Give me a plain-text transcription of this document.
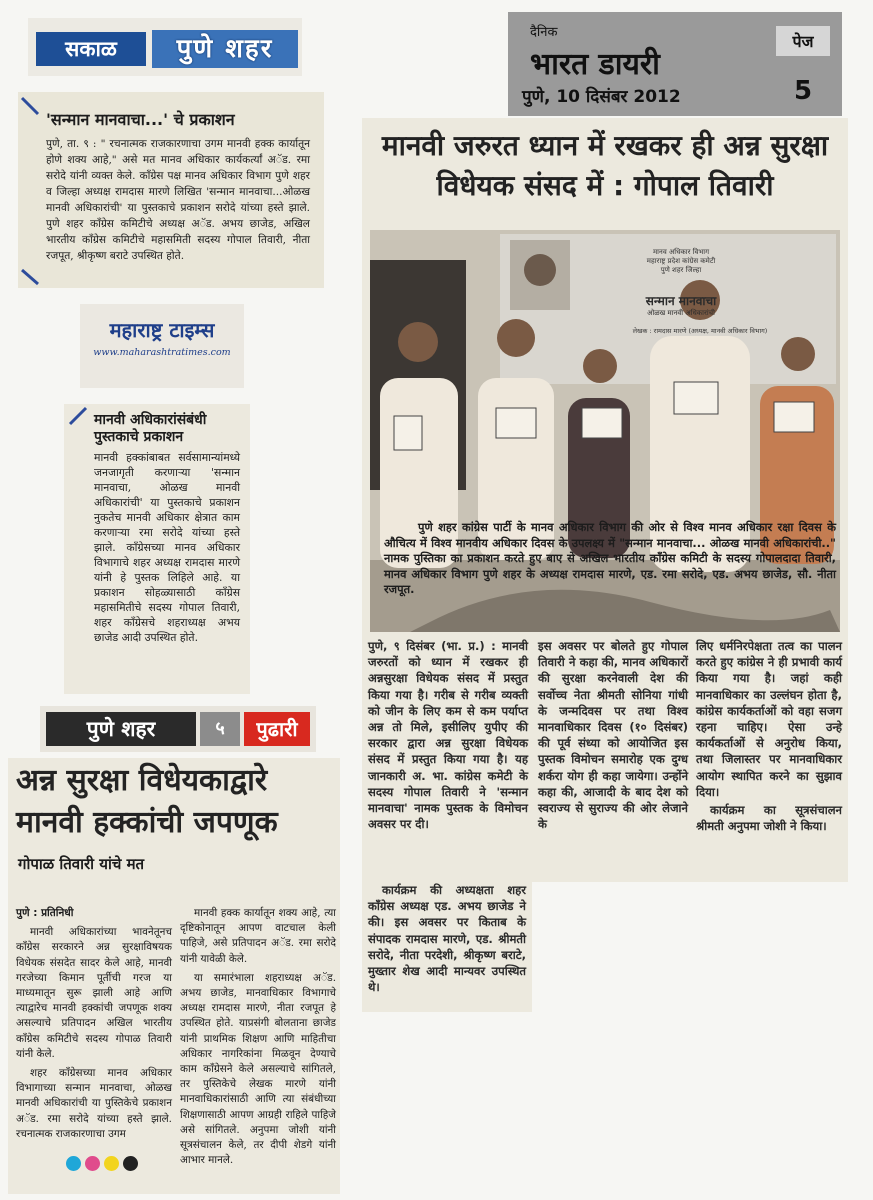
सकाळ	पुणे शहर
'सन्मान मानवाचा...' चे प्रकाशन

पुणे, ता. ९ : " रचनात्मक राजकारणाचा उगम मानवी हक्क कार्यातून होणे शक्य आहे," असे मत मानव अधिकार कार्यकर्त्यां अॅड. रमा सरोदे यांनी व्यक्त केले. कॉंग्रेस पक्ष मानव अधिकार विभाग पुणे शहर व जिल्हा अध्यक्ष रामदास मारणे लिखित 'सन्मान मानवाचा...ओळख मानवी अधिकारांची' या पुस्तकाचे प्रकाशन सरोदे यांच्या हस्ते झाले. पुणे शहर कॉंग्रेस कमिटीचे अध्यक्ष अॅड. अभय छाजेड, अखिल भारतीय कॉंग्रेस कमिटीचे महासमिती सदस्य गोपाल तिवारी, नीता रजपूत, श्रीकृष्ण बराटे उपस्थित होते.

महाराष्ट्र टाइम्स
www.maharashtratimes.com
मानवी अधिकारांसंबंधी पुस्तकाचे प्रकाशन

मानवी हक्कांबाबत सर्वसामान्यांमध्ये जनजागृती करणाऱ्या 'सन्मान मानवाचा, ओळख मानवी अधिकारांची' या पुस्तकाचे प्रकाशन नुकतेच मानवी अधिकार क्षेत्रात काम करणाऱ्या रमा सरोदे यांच्या हस्ते झाले. कॉंग्रेसच्या मानव अधिकार विभागाचे शहर अध्यक्ष रामदास मारणे यांनी हे पुस्तक लिहिले आहे. या प्रकाशन सोहळ्यासाठी कॉंग्रेस महासमितीचे सदस्य गोपाल तिवारी, शहर कॉंग्रेसचे शहराध्यक्ष अभय छाजेड आदी उपस्थित होते.

पुणे शहर	५	पुढारी
अन्न सुरक्षा विधेयकाद्वारे मानवी हक्कांची जपणूक
गोपाळ तिवारी यांचे मत
पुणे : प्रतिनिधी

मानवी अधिकारांच्या भावनेतूनच कॉंग्रेस सरकारने अन्न सुरक्षाविषयक विधेयक संसदेत सादर केले आहे, मानवी गरजेच्या किमान पूर्तीची गरज या माध्यमातून सुरू झाली आहे आणि त्याद्वारेच मानवी हक्कांची जपणूक शक्य असल्याचे प्रतिपादन अखिल भारतीय कॉंग्रेस कमिटीचे सदस्य गोपाळ तिवारी यांनी केले.

शहर कॉंग्रेसच्या मानव अधिकार विभागाच्या सन्मान मानवाचा, ओळख मानवी अधिकारांची या पुस्तिकेचे प्रकाशन अॅड. रमा सरोदे यांच्या हस्ते झाले. रचनात्मक राजकारणाचा उगम

मानवी हक्क कार्यातून शक्य आहे, त्या दृष्टिकोनातून आपण वाटचाल केली पाहिजे, असे प्रतिपादन अॅड. रमा सरोदे यांनी यावेळी केले.

या समारंभाला शहराध्यक्ष अॅड. अभय छाजेड, मानवाधिकार विभागाचे अध्यक्ष रामदास मारणे, नीता रजपूत हे उपस्थित होते. याप्रसंगी बोलताना छाजेड यांनी प्राथमिक शिक्षण आणि माहितीचा अधिकार नागरिकांना मिळवून देण्याचे काम कॉंग्रेसने केले असल्याचे सांगितले, तर पुस्तिकेचे लेखक मारणे यांनी मानवाधिकारांसाठी आणि त्या संबंधीच्या शिक्षणासाठी आपण आग्रही राहिले पाहिजे असे सांगितले. अनुपमा जोशी यांनी सूत्रसंचालन केले, तर दीपी शेडगे यांनी आभार मानले.

दैनिक
भारत डायरी
पुणे, 10 दिसंबर 2012
पेज
5
मानवी जरुरत ध्यान में रखकर ही अन्न सुरक्षा विधेयक संसद में : गोपाल तिवारी
मानव अधिकार विभाग
महाराष्ट्र प्रदेश कांग्रेस कमेटी
पुणे शहर जिल्हा
सन्मान मानवाचा
ओळख मानवी अधिकारांची
लेखक : रामदास मारणे (अध्यक्ष, मानवी अधिकार विभाग)
पुणे शहर कांग्रेस पार्टी के मानव अधिकार विभाग की ओर से विश्व मानव अधिकार रक्षा दिवस के औचित्य में विश्व मानवीय अधिकार दिवस के उपलक्ष्य में "सन्मान मानवाचा... ओळख मानवी अधिकारांची.." नामक पुस्तिका का प्रकाशन करते हुए बाए से अखिल भारतीय कॉंग्रेस कमिटी के सदस्य गोपालदादा तिवारी, मानव अधिकार विभाग पुणे शहर के अध्यक्ष रामदास मारणे, एड. रमा सरोदे, एड. अभय छाजेड, सौ. नीता रजपूत.

पुणे, ९ दिसंबर (भा. प्र.) : मानवी जरुरतों को ध्यान में रखकर ही अन्नसुरक्षा विधेयक संसद में प्रस्तुत किया गया है। गरीब से गरीब व्यक्ती को जीन के लिए कम से कम पर्याप्त अन्न तो मिले, इसीलिए युपीए की सरकार द्वारा अन्न सुरक्षा विधेयक संसद में प्रस्तुत किया गया है। यह जानकारी अ. भा. कांग्रेस कमेटी के सदस्य गोपाल तिवारी ने 'सन्मान मानवाचा' नामक पुस्तक के विमोचन अवसर पर दी।

इस अवसर पर बोलते हुए गोपाल तिवारी ने कहा की, मानव अधिकारों की सुरक्षा करनेवाली देश की सर्वोच्च नेता श्रीमती सोनिया गांधी के जन्मदिवस पर तथा विश्व मानवाधिकार दिवस (१० दिसंबर) की पूर्व संध्या को आयोजित इस पुस्तक विमोचन समारोह एक दुग्ध शर्करा योग ही कहा जायेगा। उन्होंने कहा की, आजादी के बाद देश को स्वराज्य से सुराज्य की ओर लेजाने के

लिए धर्मनिरपेक्षता तत्व का पालन करते हुए कांग्रेस ने ही प्रभावी कार्य किया गया है। जहां कही मानवाधिकार का उल्लंघन होता है, कांग्रेस कार्यकर्ताओं को वहा सजग रहना चाहिए। ऐसा उन्हे कार्यकर्ताओं से अनुरोध किया, तथा जिलास्तर पर मानवाधिकार आयोग स्थापित करने का सुझाव दिया।

कार्यक्रम का सूत्रसंचालन श्रीमती अनुपमा जोशी ने किया।

कार्यक्रम की अध्यक्षता शहर कॉंग्रेस अध्यक्ष एड. अभय छाजेड ने की। इस अवसर पर किताब के संपादक रामदास मारणे, एड. श्रीमती सरोदे, नीता परदेशी, श्रीकृष्ण बराटे, मुख्तार शेख आदी मान्यवर उपस्थित थे।
